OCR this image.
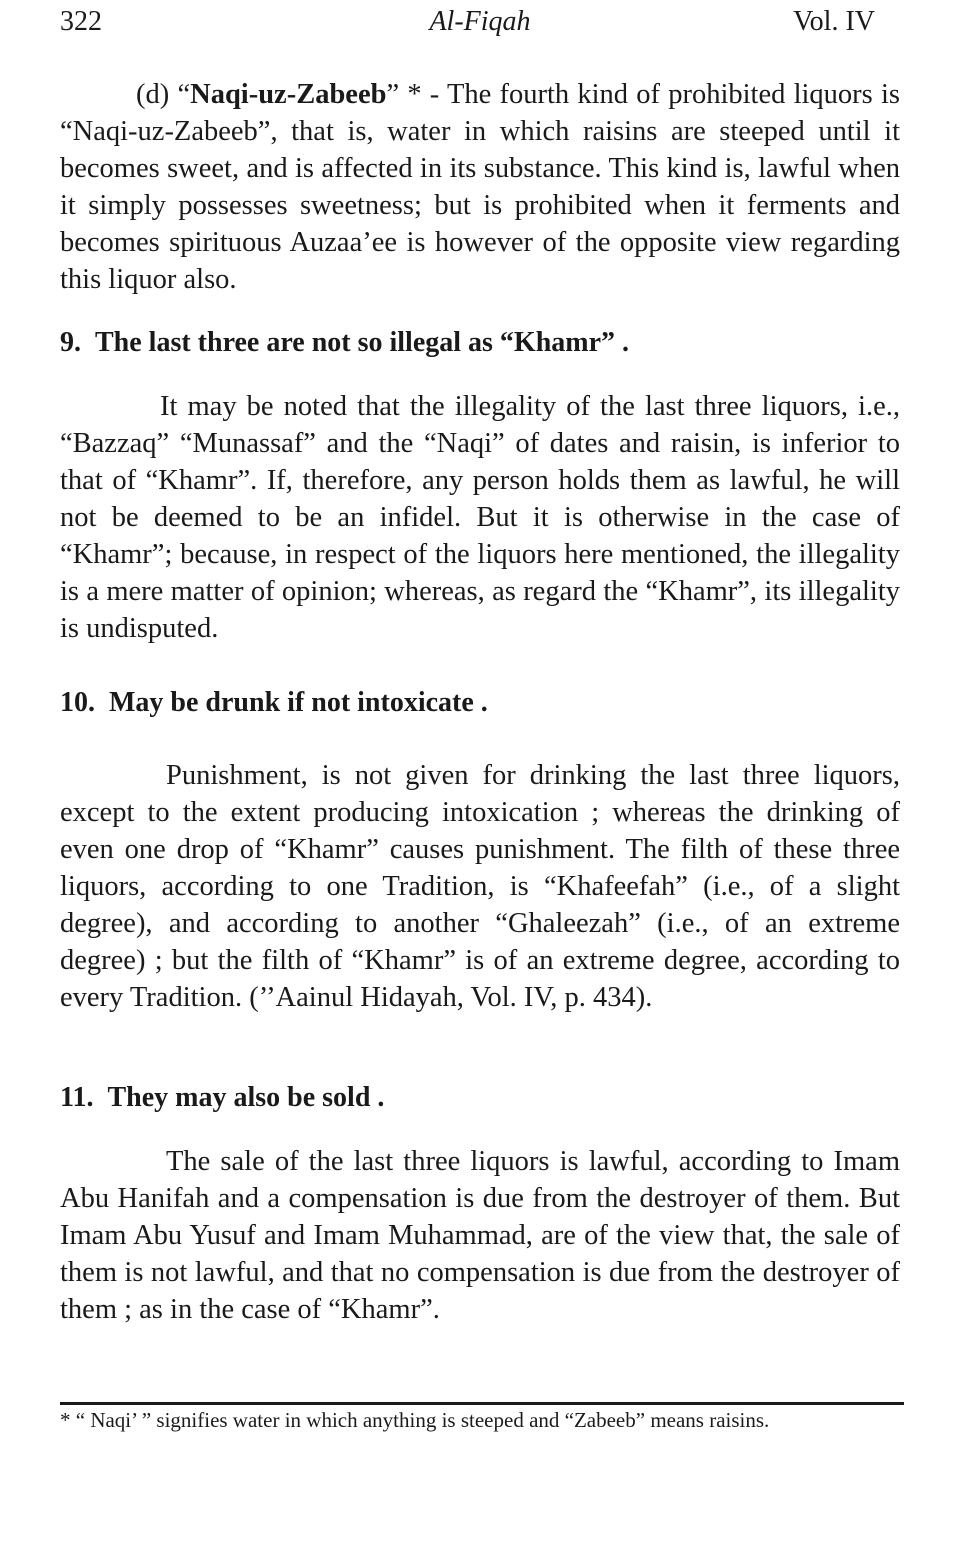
322	Al-Fiqah	Vol. IV

(d) “Naqi-uz-Zabeeb” * - The fourth kind of prohibited liquors is “Naqi-uz-Zabeeb”, that is, water in which raisins are steeped until it becomes sweet, and is affected in its substance. This kind is, lawful when it simply possesses sweetness; but is prohibited when it ferments and becomes spirituous Auzaa’ee is however of the opposite view regarding this liquor also.

9. The last three are not so illegal as “Khamr” .

It may be noted that the illegality of the last three liquors, i.e., “Bazzaq” “Munassaf” and the “Naqi” of dates and raisin, is inferior to that of “Khamr”. If, therefore, any person holds them as lawful, he will not be deemed to be an infidel. But it is otherwise in the case of “Khamr”; because, in respect of the liquors here mentioned, the illegality is a mere matter of opinion; whereas, as regard the “Khamr”, its illegality is undisputed.

10. May be drunk if not intoxicate .

Punishment, is not given for drinking the last three liquors, except to the extent producing intoxication ; whereas the drinking of even one drop of “Khamr” causes punishment. The filth of these three liquors, according to one Tradition, is “Khafeefah” (i.e., of a slight degree), and according to another “Ghaleezah” (i.e., of an extreme degree) ; but the filth of “Khamr” is of an extreme degree, according to every Tradition. (’’Aainul Hidayah, Vol. IV, p. 434).

11. They may also be sold .

The sale of the last three liquors is lawful, according to Imam Abu Hanifah and a compensation is due from the destroyer of them. But Imam Abu Yusuf and Imam Muhammad, are of the view that, the sale of them is not lawful, and that no compensation is due from the destroyer of them ; as in the case of “Khamr”.

* “ Naqi’ ” signifies water in which anything is steeped and “Zabeeb” means raisins.
